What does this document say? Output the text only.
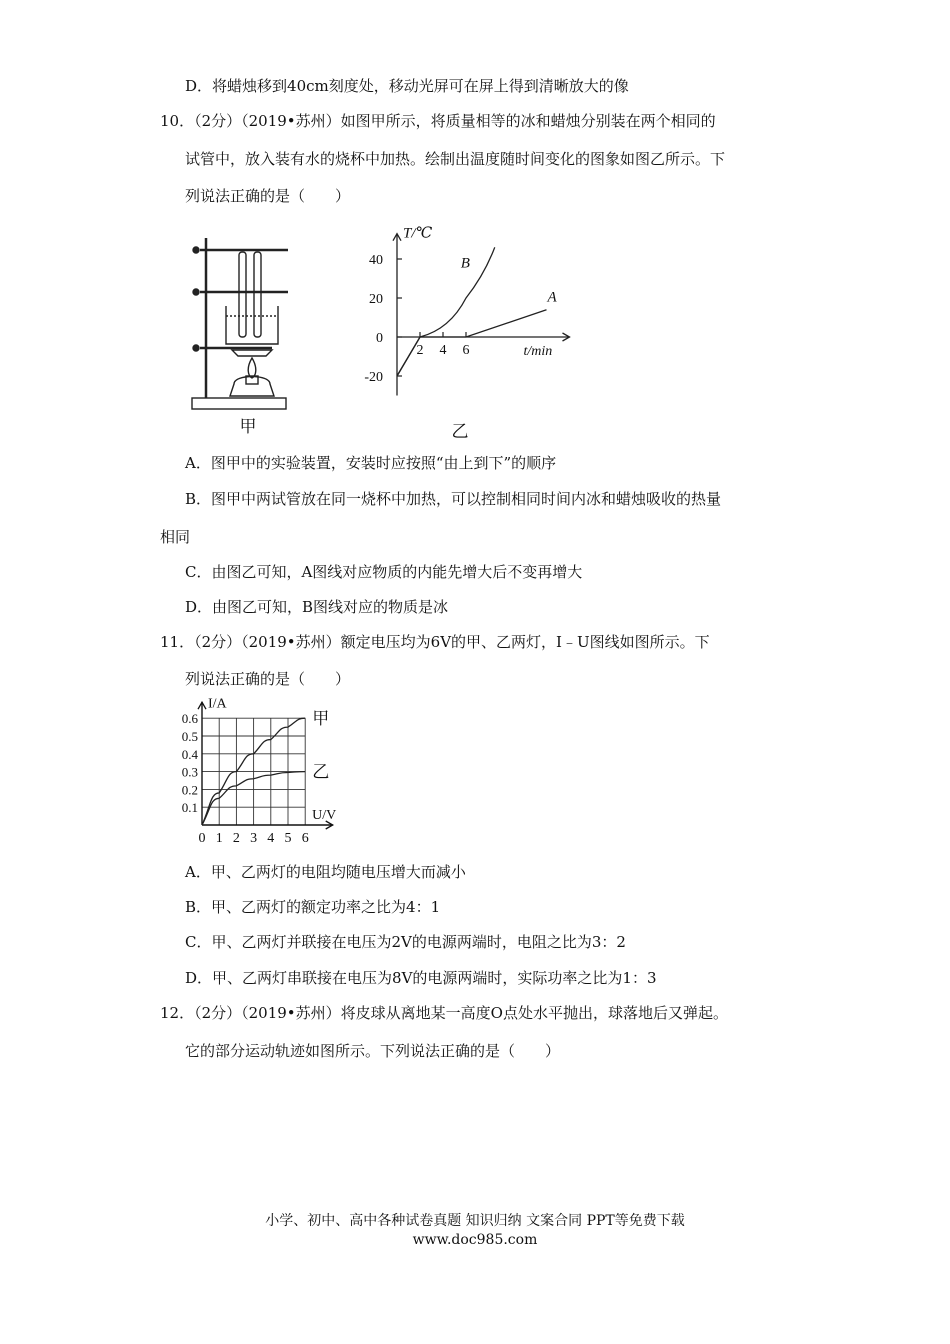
D．将蜡烛移到40cm刻度处，移动光屏可在屏上得到清晰放大的像
10．（2分）（2019•苏州）如图甲所示，将质量相等的冰和蜡烛分别装在两个相同的
试管中，放入装有水的烧杯中加热。绘制出温度随时间变化的图象如图乙所示。下
列说法正确的是（　　）
甲
40
20
0
-20
2 4 6
A
B
T/℃
t/min
乙
A．图甲中的实验装置，安装时应按照“由上到下”的顺序
B．图甲中两试管放在同一烧杯中加热，可以控制相同时间内冰和蜡烛吸收的热量
相同
C．由图乙可知，A图线对应物质的内能先增大后不变再增大
D．由图乙可知，B图线对应的物质是冰
11．（2分）（2019•苏州）额定电压均为6V的甲、乙两灯，I﹣U图线如图所示。下
列说法正确的是（　　）
0.6
0.5
0.4
0.3
0.2
0.1
0 1 2 3 4 5 6
甲
乙
I/A
U/V
A．甲、乙两灯的电阻均随电压增大而减小
B．甲、乙两灯的额定功率之比为4：1
C．甲、乙两灯并联接在电压为2V的电源两端时，电阻之比为3：2
D．甲、乙两灯串联接在电压为8V的电源两端时，实际功率之比为1：3
12．（2分）（2019•苏州）将皮球从离地某一高度O点处水平抛出，球落地后又弹起。
它的部分运动轨迹如图所示。下列说法正确的是（　　）
小学、初中、高中各种试卷真题 知识归纳 文案合同 PPT等免费下载
www.doc985.com
